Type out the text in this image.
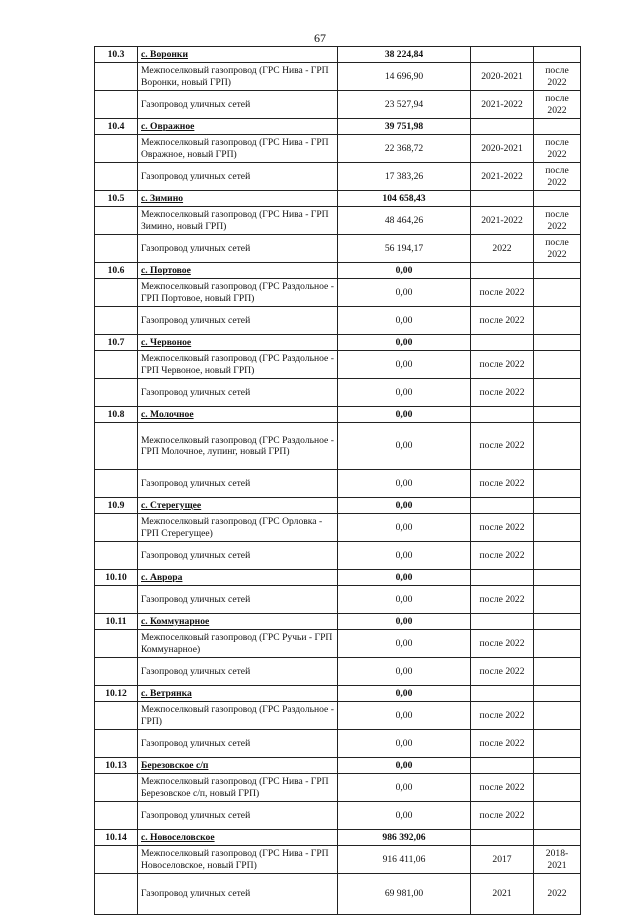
67
10.3	с. Воронки	38 224,84		
	Межпоселковый газопровод (ГРС Нива - ГРП Воронки, новый ГРП)	14 696,90	2020-2021	после 2022
	Газопровод уличных сетей	23 527,94	2021-2022	после 2022
10.4	с. Овражное	39 751,98		
	Межпоселковый газопровод (ГРС Нива - ГРП Овражное, новый ГРП)	22 368,72	2020-2021	после 2022
	Газопровод уличных сетей	17 383,26	2021-2022	после 2022
10.5	с. Зимино	104 658,43		
	Межпоселковый газопровод (ГРС Нива - ГРП Зимино, новый ГРП)	48 464,26	2021-2022	после 2022
	Газопровод уличных сетей	56 194,17	2022	после 2022
10.6	с. Портовое	0,00		
	Межпоселковый газопровод (ГРС Раздольное - ГРП Портовое, новый ГРП)	0,00	после 2022	
	Газопровод уличных сетей	0,00	после 2022	
10.7	с. Червоное	0,00		
	Межпоселковый газопровод (ГРС Раздольное - ГРП Червоное, новый ГРП)	0,00	после 2022	
	Газопровод уличных сетей	0,00	после 2022	
10.8	с. Молочное	0,00		
	Межпоселковый газопровод (ГРС Раздольное - ГРП Молочное, лупинг, новый ГРП)	0,00	после 2022	
	Газопровод уличных сетей	0,00	после 2022	
10.9	с. Стерегущее	0,00		
	Межпоселковый газопровод (ГРС Орловка - ГРП Стерегущее)	0,00	после 2022	
	Газопровод уличных сетей	0,00	после 2022	
10.10	с. Аврора	0,00		
	Газопровод уличных сетей	0,00	после 2022	
10.11	с. Коммунарное	0,00		
	Межпоселковый газопровод (ГРС Ручьи - ГРП Коммунарное)	0,00	после 2022	
	Газопровод уличных сетей	0,00	после 2022	
10.12	с. Ветрянка	0,00		
	Межпоселковый газопровод (ГРС Раздольное - ГРП)	0,00	после 2022	
	Газопровод уличных сетей	0,00	после 2022	
10.13	Березовское с/п	0,00		
	Межпоселковый газопровод (ГРС Нива - ГРП Березовское с/п, новый ГРП)	0,00	после 2022	
	Газопровод уличных сетей	0,00	после 2022	
10.14	с. Новоселовское	986 392,06		
	Межпоселковый газопровод (ГРС Нива - ГРП Новоселовское, новый ГРП)	916 411,06	2017	2018-2021
	Газопровод уличных сетей	69 981,00	2021	2022
